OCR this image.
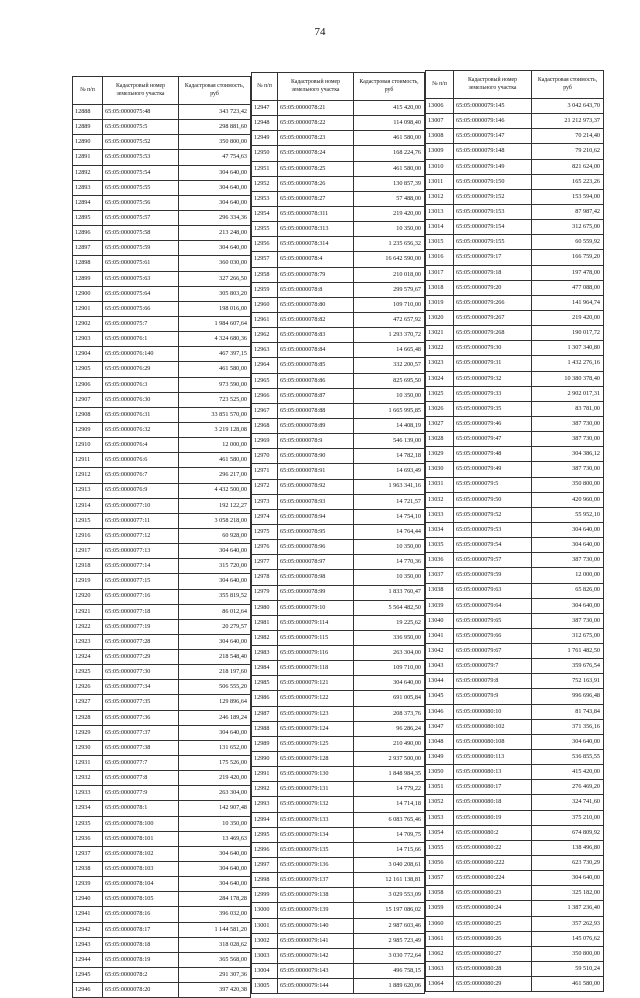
74
№ п/п	Кадастровый номер земельного участка	Кадастровая стоимость, руб
12888	65:05:0000075:48	343 723,42
12889	65:05:0000075:5	298 881,60
12890	65:05:0000075:52	350 800,00
12891	65:05:0000075:53	47 754,63
12892	65:05:0000075:54	304 640,00
12893	65:05:0000075:55	304 640,00
12894	65:05:0000075:56	304 640,00
12895	65:05:0000075:57	296 334,36
12896	65:05:0000075:58	213 248,00
12897	65:05:0000075:59	304 640,00
12898	65:05:0000075:61	360 030,00
12899	65:05:0000075:63	327 266,50
12900	65:05:0000075:64	305 803,20
12901	65:05:0000075:66	198 016,00
12902	65:05:0000075:7	1 984 607,64
12903	65:05:0000076:1	4 324 680,36
12904	65:05:0000076:140	467 397,15
12905	65:05:0000076:29	461 580,00
12906	65:05:0000076:3	973 590,00
12907	65:05:0000076:30	723 525,00
12908	65:05:0000076:31	33 851 570,00
12909	65:05:0000076:32	3 219 128,08
12910	65:05:0000076:4	12 000,00
12911	65:05:0000076:6	461 580,00
12912	65:05:0000076:7	296 217,00
12913	65:05:0000076:9	4 432 500,00
12914	65:05:0000077:10	192 122,27
12915	65:05:0000077:11	3 058 218,00
12916	65:05:0000077:12	60 928,00
12917	65:05:0000077:13	304 640,00
12918	65:05:0000077:14	315 720,00
12919	65:05:0000077:15	304 640,00
12920	65:05:0000077:16	355 819,52
12921	65:05:0000077:18	86 012,64
12922	65:05:0000077:19	20 279,57
12923	65:05:0000077:28	304 640,00
12924	65:05:0000077:29	218 548,40
12925	65:05:0000077:30	218 197,60
12926	65:05:0000077:34	506 555,20
12927	65:05:0000077:35	129 896,64
12928	65:05:0000077:36	246 189,24
12929	65:05:0000077:37	304 640,00
12930	65:05:0000077:38	131 652,00
12931	65:05:0000077:7	175 526,00
12932	65:05:0000077:8	219 420,00
12933	65:05:0000077:9	263 304,00
12934	65:05:0000078:1	142 907,48
12935	65:05:0000078:100	10 350,00
12936	65:05:0000078:101	13 469,63
12937	65:05:0000078:102	304 640,00
12938	65:05:0000078:103	304 640,00
12939	65:05:0000078:104	304 640,00
12940	65:05:0000078:105	284 178,28
12941	65:05:0000078:16	396 032,00
12942	65:05:0000078:17	1 144 581,20
12943	65:05:0000078:18	318 028,62
12944	65:05:0000078:19	365 568,00
12945	65:05:0000078:2	291 307,36
12946	65:05:0000078:20	397 420,38
№ п/п	Кадастровый номер земельного участка	Кадастровая стоимость, руб
12947	65:05:0000078:21	415 420,00
12948	65:05:0000078:22	114 098,40
12949	65:05:0000078:23	461 580,00
12950	65:05:0000078:24	168 224,76
12951	65:05:0000078:25	461 580,00
12952	65:05:0000078:26	130 857,39
12953	65:05:0000078:27	57 488,00
12954	65:05:0000078:311	219 420,00
12955	65:05:0000078:313	10 350,00
12956	65:05:0000078:314	1 235 656,32
12957	65:05:0000078:4	16 642 590,00
12958	65:05:0000078:79	210 018,00
12959	65:05:0000078:8	299 579,67
12960	65:05:0000078:80	109 710,00
12961	65:05:0000078:82	472 657,92
12962	65:05:0000078:83	1 293 370,72
12963	65:05:0000078:84	14 665,48
12964	65:05:0000078:85	332 200,57
12965	65:05:0000078:86	825 695,50
12966	65:05:0000078:87	10 350,00
12967	65:05:0000078:88	1 665 995,85
12968	65:05:0000078:89	14 408,19
12969	65:05:0000078:9	546 139,00
12970	65:05:0000078:90	14 782,18
12971	65:05:0000078:91	14 693,49
12972	65:05:0000078:92	1 963 341,16
12973	65:05:0000078:93	14 721,57
12974	65:05:0000078:94	14 754,10
12975	65:05:0000078:95	14 764,44
12976	65:05:0000078:96	10 350,00
12977	65:05:0000078:97	14 770,36
12978	65:05:0000078:98	10 350,00
12979	65:05:0000078:99	1 833 760,47
12980	65:05:0000079:10	5 564 482,50
12981	65:05:0000079:114	19 225,62
12982	65:05:0000079:115	336 950,00
12983	65:05:0000079:116	263 304,00
12984	65:05:0000079:118	109 710,00
12985	65:05:0000079:121	304 640,00
12986	65:05:0000079:122	691 005,84
12987	65:05:0000079:123	208 373,76
12988	65:05:0000079:124	96 286,24
12989	65:05:0000079:125	210 490,00
12990	65:05:0000079:128	2 937 500,00
12991	65:05:0000079:130	1 848 984,35
12992	65:05:0000079:131	14 779,22
12993	65:05:0000079:132	14 714,18
12994	65:05:0000079:133	6 083 765,46
12995	65:05:0000079:134	14 709,75
12996	65:05:0000079:135	14 715,66
12997	65:05:0000079:136	3 040 208,61
12998	65:05:0000079:137	12 161 138,81
12999	65:05:0000079:138	3 029 553,09
13000	65:05:0000079:139	15 197 086,02
13001	65:05:0000079:140	2 987 603,46
13002	65:05:0000079:141	2 985 723,49
13003	65:05:0000079:142	3 030 772,64
13004	65:05:0000079:143	496 758,15
13005	65:05:0000079:144	1 889 620,06
№ п/п	Кадастровый номер земельного участка	Кадастровая стоимость, руб
13006	65:05:0000079:145	3 042 643,70
13007	65:05:0000079:146	21 212 973,37
13008	65:05:0000079:147	70 214,40
13009	65:05:0000079:148	79 210,62
13010	65:05:0000079:149	821 624,00
13011	65:05:0000079:150	165 223,26
13012	65:05:0000079:152	153 594,00
13013	65:05:0000079:153	87 987,42
13014	65:05:0000079:154	312 675,00
13015	65:05:0000079:155	60 559,92
13016	65:05:0000079:17	166 759,20
13017	65:05:0000079:18	197 478,00
13018	65:05:0000079:20	477 088,00
13019	65:05:0000079:266	141 964,74
13020	65:05:0000079:267	219 420,00
13021	65:05:0000079:268	190 017,72
13022	65:05:0000079:30	1 307 340,80
13023	65:05:0000079:31	1 432 276,16
13024	65:05:0000079:32	10 380 378,40
13025	65:05:0000079:33	2 902 017,31
13026	65:05:0000079:35	83 781,00
13027	65:05:0000079:46	387 730,00
13028	65:05:0000079:47	387 730,00
13029	65:05:0000079:48	304 386,12
13030	65:05:0000079:49	387 730,00
13031	65:05:0000079:5	350 800,00
13032	65:05:0000079:50	420 960,00
13033	65:05:0000079:52	55 952,10
13034	65:05:0000079:53	304 640,00
13035	65:05:0000079:54	304 640,00
13036	65:05:0000079:57	387 730,00
13037	65:05:0000079:59	12 000,00
13038	65:05:0000079:63	65 826,00
13039	65:05:0000079:64	304 640,00
13040	65:05:0000079:65	387 730,00
13041	65:05:0000079:66	312 675,00
13042	65:05:0000079:67	1 761 482,50
13043	65:05:0000079:7	359 676,54
13044	65:05:0000079:8	752 163,91
13045	65:05:0000079:9	996 696,48
13046	65:05:0000080:10	81 743,84
13047	65:05:0000080:102	371 356,16
13048	65:05:0000080:108	304 640,00
13049	65:05:0000080:113	536 855,55
13050	65:05:0000080:13	415 420,00
13051	65:05:0000080:17	276 469,20
13052	65:05:0000080:18	324 741,60
13053	65:05:0000080:19	375 210,00
13054	65:05:0000080:2	674 809,92
13055	65:05:0000080:22	138 496,80
13056	65:05:0000080:222	623 730,29
13057	65:05:0000080:224	304 640,00
13058	65:05:0000080:23	325 182,00
13059	65:05:0000080:24	1 387 236,40
13060	65:05:0000080:25	357 262,93
13061	65:05:0000080:26	145 076,62
13062	65:05:0000080:27	350 800,00
13063	65:05:0000080:28	59 510,24
13064	65:05:0000080:29	461 580,00
